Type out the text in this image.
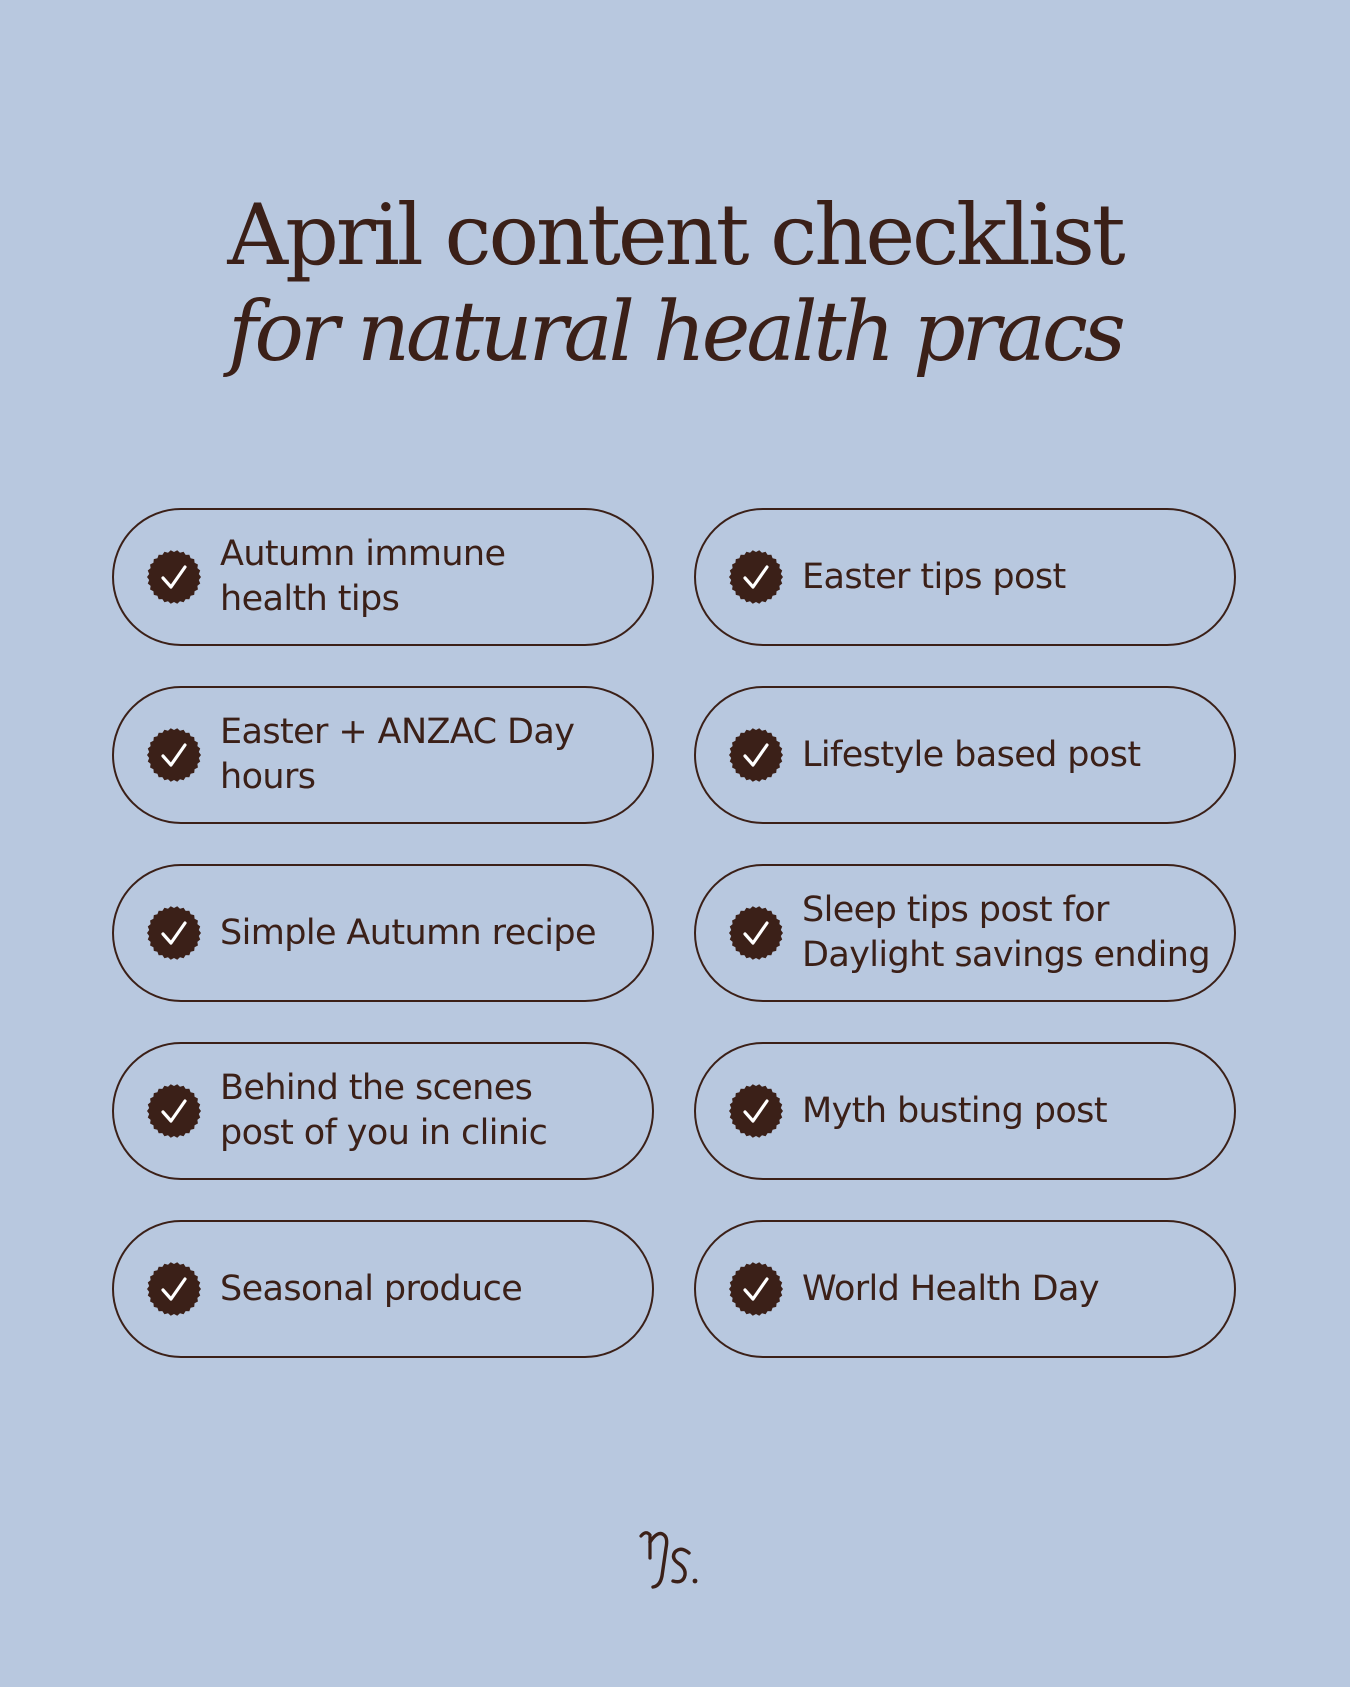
April content checklist
for natural health pracs
Autumn immune
health tips
Easter tips post
Easter + ANZAC Day
hours
Lifestyle based post
Simple Autumn recipe
Sleep tips post for
Daylight savings ending
Behind the scenes
post of you in clinic
Myth busting post
Seasonal produce	World Health Day
